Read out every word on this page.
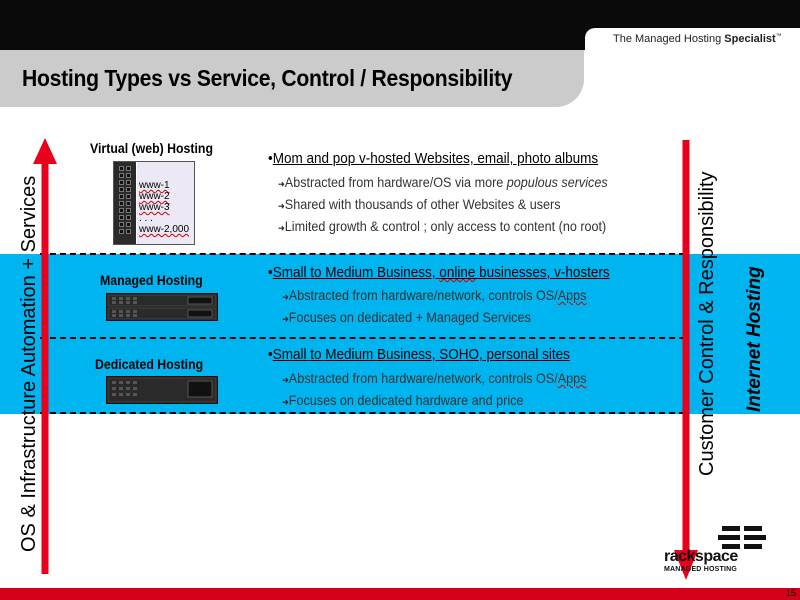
The Managed Hosting Specialist™
Hosting Types vs Service, Control / Responsibility
OS & Infrastructure Automation + Services	Customer Control & Responsibility Internet Hosting
Virtual (web) Hosting
www-1
www-2
www-3
. . .
www-2,000
•Mom and pop v-hosted Websites, email, photo albums
➜Abstracted from hardware/OS via more populous services
➜Shared with thousands of other Websites & users
➜Limited growth & control ; only access to content (no root)
Managed Hosting	•Small to Medium Business, online businesses, v-hosters
➜Abstracted from hardware/network, controls OS/Apps
➜Focuses on dedicated + Managed Services
Dedicated Hosting
•Small to Medium Business, SOHO, personal sites
➜Abstracted from hardware/network, controls OS/Apps
➜Focuses on dedicated hardware and price
rackspace
MANAGED HOSTING
15
